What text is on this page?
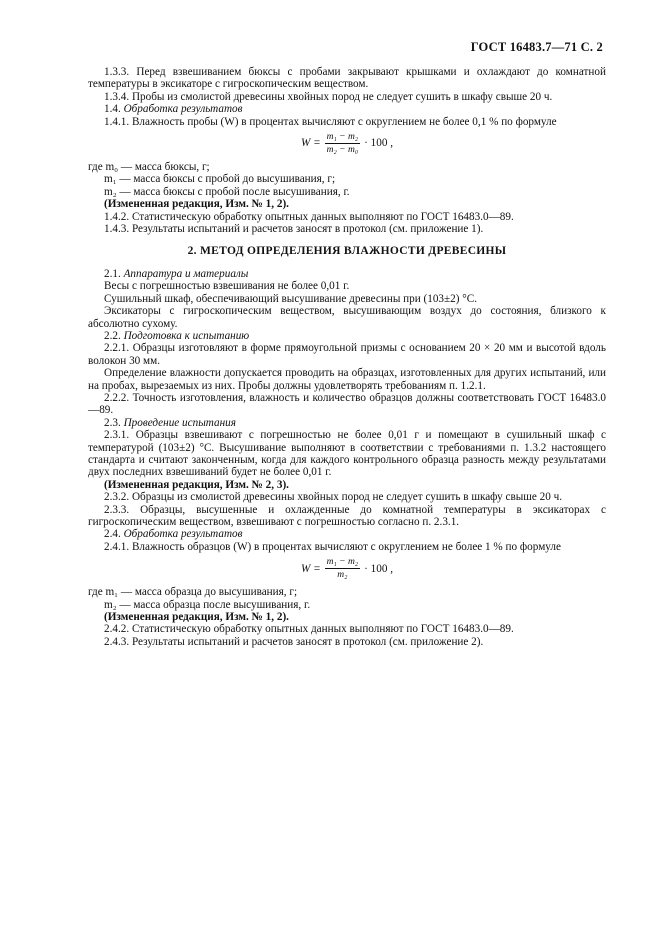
ГОСТ 16483.7—71 С. 2

1.3.3. Перед взвешиванием бюксы с пробами закрывают крышками и охлаждают до комнатной температуры в эксикаторе с гигроскопическим веществом.

1.3.4. Пробы из смолистой древесины хвойных пород не следует сушить в шкафу свыше 20 ч.

1.4. Обработка результатов

1.4.1. Влажность пробы (W) в процентах вычисляют с округлением не более 0,1 % по формуле

$W = \frac{\text{m₁ − m₂}}{\text{m₂ − m₀}} \cdot 100$ ,

где m₀ — масса бюксы, г;

m₁ — масса бюксы с пробой до высушивания, г;

m₂ — масса бюксы с пробой после высушивания, г.

(Измененная редакция, Изм. № 1, 2).

1.4.2. Статистическую обработку опытных данных выполняют по ГОСТ 16483.0—89.

1.4.3. Результаты испытаний и расчетов заносят в протокол (см. приложение 1).

2. МЕТОД ОПРЕДЕЛЕНИЯ ВЛАЖНОСТИ ДРЕВЕСИНЫ

2.1. Аппаратура и материалы

Весы с погрешностью взвешивания не более 0,01 г.

Сушильный шкаф, обеспечивающий высушивание древесины при (103±2) °С.

Эксикаторы с гигроскопическим веществом, высушивающим воздух до состояния, близкого к абсолютно сухому.

2.2. Подготовка к испытанию

2.2.1. Образцы изготовляют в форме прямоугольной призмы с основанием 20 × 20 мм и высотой вдоль волокон 30 мм.

Определение влажности допускается проводить на образцах, изготовленных для других испытаний, или на пробах, вырезаемых из них. Пробы должны удовлетворять требованиям п. 1.2.1.

2.2.2. Точность изготовления, влажность и количество образцов должны соответствовать ГОСТ 16483.0—89.

2.3. Проведение испытания

2.3.1. Образцы взвешивают с погрешностью не более 0,01 г и помещают в сушильный шкаф с температурой (103±2) °С. Высушивание выполняют в соответствии с требованиями п. 1.3.2 настоящего стандарта и считают законченным, когда для каждого контрольного образца разность между результатами двух последних взвешиваний будет не более 0,01 г.

(Измененная редакция, Изм. № 2, 3).

2.3.2. Образцы из смолистой древесины хвойных пород не следует сушить в шкафу свыше 20 ч.

2.3.3. Образцы, высушенные и охлажденные до комнатной температуры в эксикаторах с гигроскопическим веществом, взвешивают с погрешностью согласно п. 2.3.1.

2.4. Обработка результатов

2.4.1. Влажность образцов (W) в процентах вычисляют с округлением не более 1 % по формуле

$W = \frac{\text{m₁ − m₂}}{\text{m₂}} \cdot 100$ ,

где m₁ — масса образца до высушивания, г;

m₂ — масса образца после высушивания, г.

(Измененная редакция, Изм. № 1, 2).

2.4.2. Статистическую обработку опытных данных выполняют по ГОСТ 16483.0—89.

2.4.3. Результаты испытаний и расчетов заносят в протокол (см. приложение 2).
